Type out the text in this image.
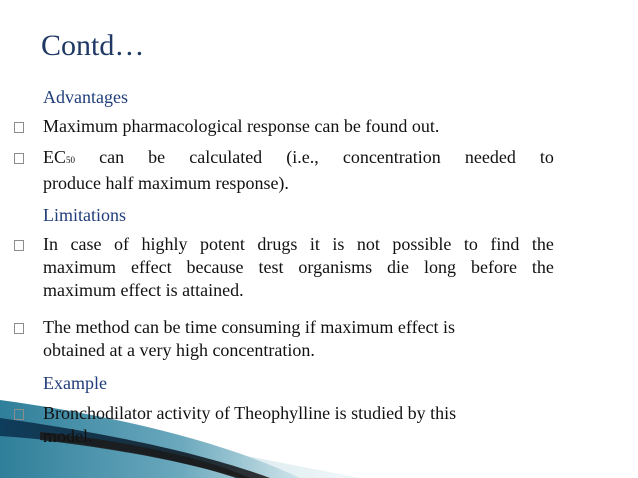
Contd…
Advantages
Maximum pharmacological response can be found out.
EC50 can be calculated (i.e., concentration needed to
produce half maximum response).
Limitations
In case of highly potent drugs it is not possible to find the
maximum effect because test organisms die long before the
maximum effect is attained.
The method can be time consuming if maximum effect is
obtained at a very high concentration.
Example
Bronchodilator activity of Theophylline is studied by this
model.
